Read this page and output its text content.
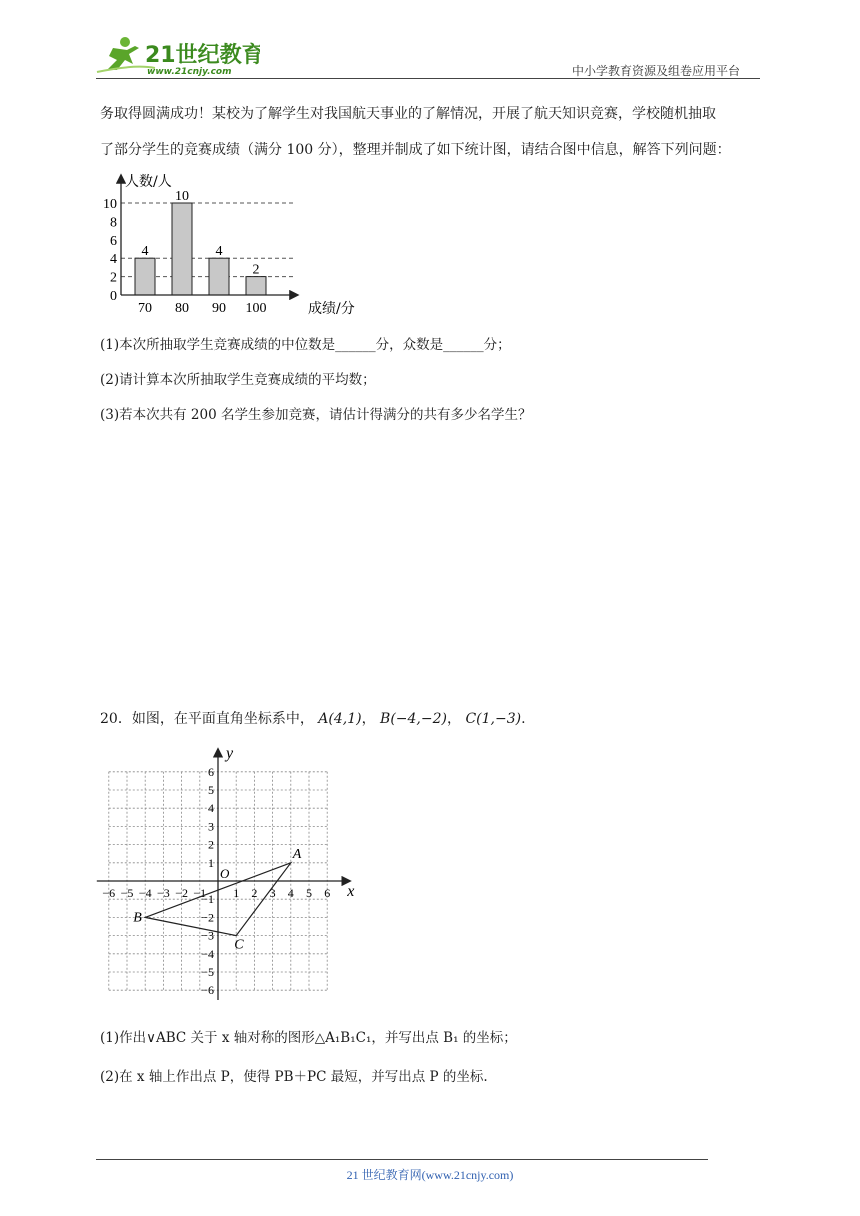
21世纪教育
www.21cnjy.com	中小学教育资源及组卷应用平台
务取得圆满成功！某校为了解学生对我国航天事业的了解情况，开展了航天知识竞赛，学校随机抽取
了部分学生的竞赛成绩（满分 100 分），整理并制成了如下统计图，请结合图中信息，解答下列问题：
4
70
10
80
4
90
2
100
0
2
4
6
8
10
人数/人
成绩/分
(1)本次所抽取学生竞赛成绩的中位数是______分，众数是______分；
(2)请计算本次所抽取学生竞赛成绩的平均数；
(3)若本次共有 200 名学生参加竞赛，请估计得满分的共有多少名学生？
20．如图，在平面直角坐标系中， A(4,1)， B(−4,−2)， C(1,−3).
x
y
O
−6 −5 −4 −3 −2 −1 1 2 3 4 5 6
6
5
4
3
2
1
−1
−2
−3
−4
−5
−6
A
B
C
(1)作出∨ABC 关于 x 轴对称的图形△A₁B₁C₁，并写出点 B₁ 的坐标；
(2)在 x 轴上作出点 P，使得 PB＋PC 最短，并写出点 P 的坐标.
21 世纪教育网(www.21cnjy.com)
